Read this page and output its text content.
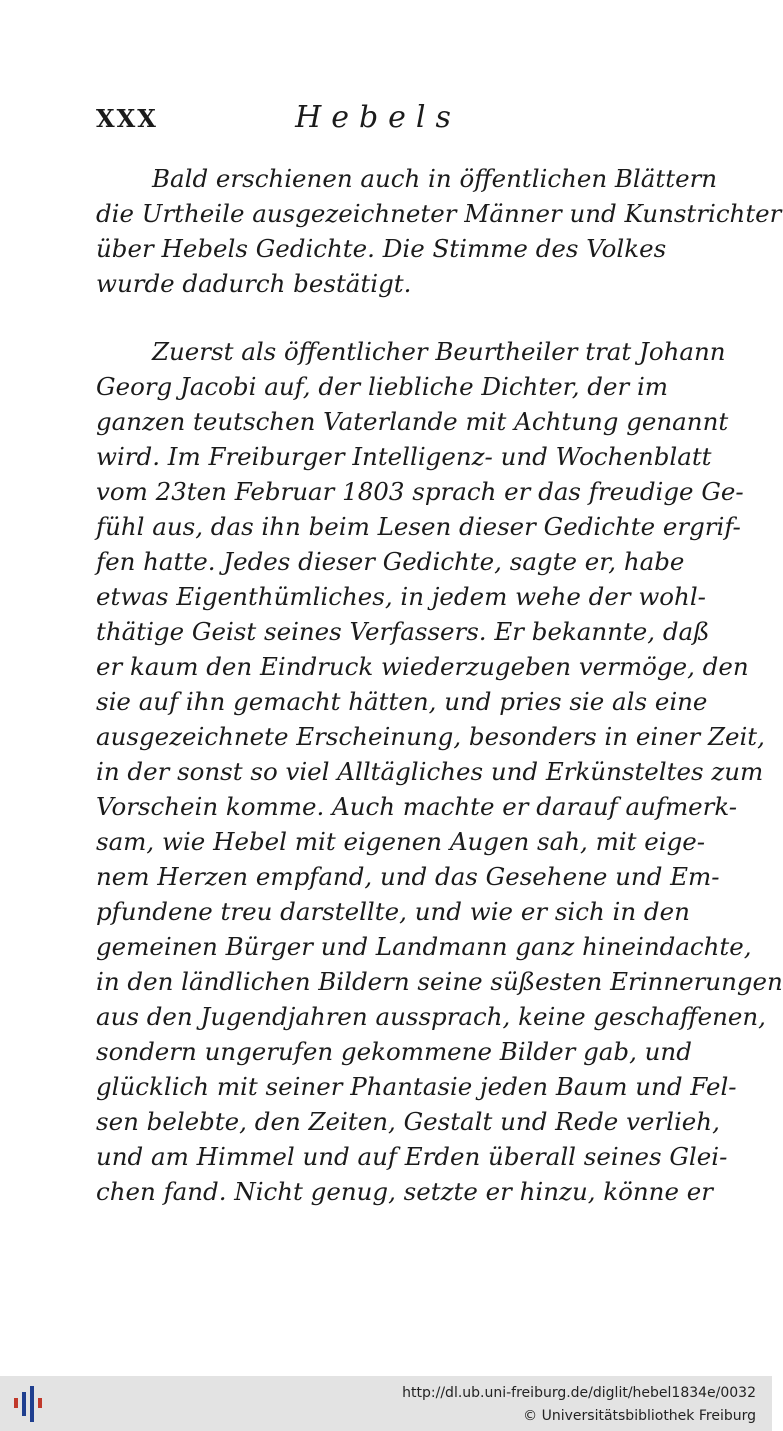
XXX	Hebels
Bald erschienen auch in öffentlichen Blättern
die Urtheile ausgezeichneter Männer und Kunstrichter
über Hebels Gedichte. Die Stimme des Volkes
wurde dadurch bestätigt.
Zuerst als öffentlicher Beurtheiler trat Johann
Georg Jacobi auf, der liebliche Dichter, der im
ganzen teutschen Vaterlande mit Achtung genannt
wird. Im Freiburger Intelligenz- und Wochenblatt
vom 23ten Februar 1803 sprach er das freudige Ge-
fühl aus, das ihn beim Lesen dieser Gedichte ergrif-
fen hatte. Jedes dieser Gedichte, sagte er, habe
etwas Eigenthümliches, in jedem wehe der wohl-
thätige Geist seines Verfassers. Er bekannte, daß
er kaum den Eindruck wiederzugeben vermöge, den
sie auf ihn gemacht hätten, und pries sie als eine
ausgezeichnete Erscheinung, besonders in einer Zeit,
in der sonst so viel Alltägliches und Erkünsteltes zum
Vorschein komme. Auch machte er darauf aufmerk-
sam, wie Hebel mit eigenen Augen sah, mit eige-
nem Herzen empfand, und das Gesehene und Em-
pfundene treu darstellte, und wie er sich in den
gemeinen Bürger und Landmann ganz hineindachte,
in den ländlichen Bildern seine süßesten Erinnerungen
aus den Jugendjahren aussprach, keine geschaffenen,
sondern ungerufen gekommene Bilder gab, und
glücklich mit seiner Phantasie jeden Baum und Fel-
sen belebte, den Zeiten, Gestalt und Rede verlieh,
und am Himmel und auf Erden überall seines Glei-
chen fand. Nicht genug, setzte er hinzu, könne er
http://dl.ub.uni-freiburg.de/diglit/hebel1834e/0032
© Universitätsbibliothek Freiburg
